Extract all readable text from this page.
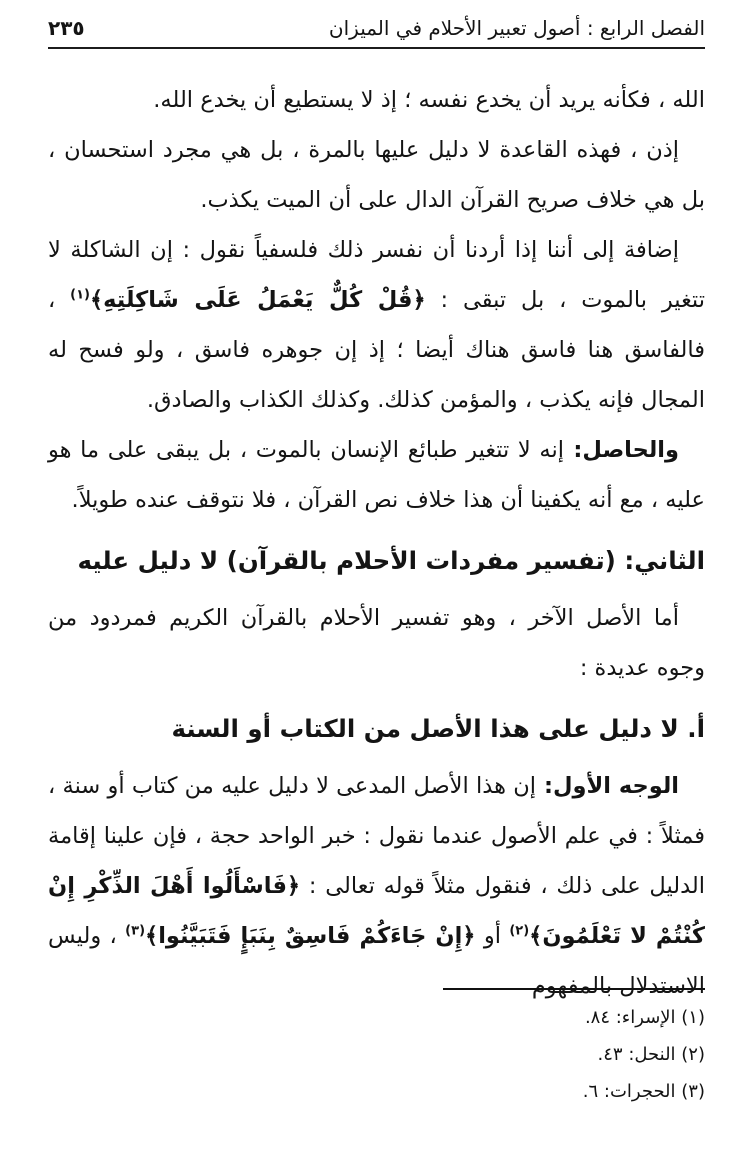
الفصل الرابع : أصول تعبير الأحلام في الميزان
٢٣٥

الله ، فكأنه يريد أن يخدع نفسه ؛ إذ لا يستطيع أن يخدع الله.

إذن ، فهذه القاعدة لا دليل عليها بالمرة ، بل هي مجرد استحسان ، بل هي خلاف صريح القرآن الدال على أن الميت يكذب.

إضافة إلى أننا إذا أردنا أن نفسر ذلك فلسفياً نقول : إن الشاكلة لا تتغير بالموت ، بل تبقى : ﴿قُلْ كُلٌّ يَعْمَلُ عَلَى شَاكِلَتِهِ﴾$^{(١)}$ ، فالفاسق هنا فاسق هناك أيضا ؛ إذ إن جوهره فاسق ، ولو فسح له المجال فإنه يكذب ، والمؤمن كذلك. وكذلك الكذاب والصادق.

والحاصل: إنه لا تتغير طبائع الإنسان بالموت ، بل يبقى على ما هو عليه ، مع أنه يكفينا أن هذا خلاف نص القرآن ، فلا نتوقف عنده طويلاً.

الثاني: (تفسير مفردات الأحلام بالقرآن) لا دليل عليه

أما الأصل الآخر ، وهو تفسير الأحلام بالقرآن الكريم فمردود من وجوه عديدة :

أ. لا دليل على هذا الأصل من الكتاب أو السنة

الوجه الأول: إن هذا الأصل المدعى لا دليل عليه من كتاب أو سنة ، فمثلاً : في علم الأصول عندما نقول : خبر الواحد حجة ، فإن علينا إقامة الدليل على ذلك ، فنقول مثلاً قوله تعالى : ﴿فَاسْأَلُوا أَهْلَ الذِّكْرِ إِنْ كُنْتُمْ لا تَعْلَمُونَ﴾$^{(٢)}$ أو ﴿إِنْ جَاءَكُمْ فَاسِقٌ بِنَبَإٍ فَتَبَيَّنُوا﴾$^{(٣)}$ ، وليس الاستدلال بالمفهوم

(١) الإسراء: ٨٤.
(٢) النحل: ٤٣.
(٣) الحجرات: ٦.
